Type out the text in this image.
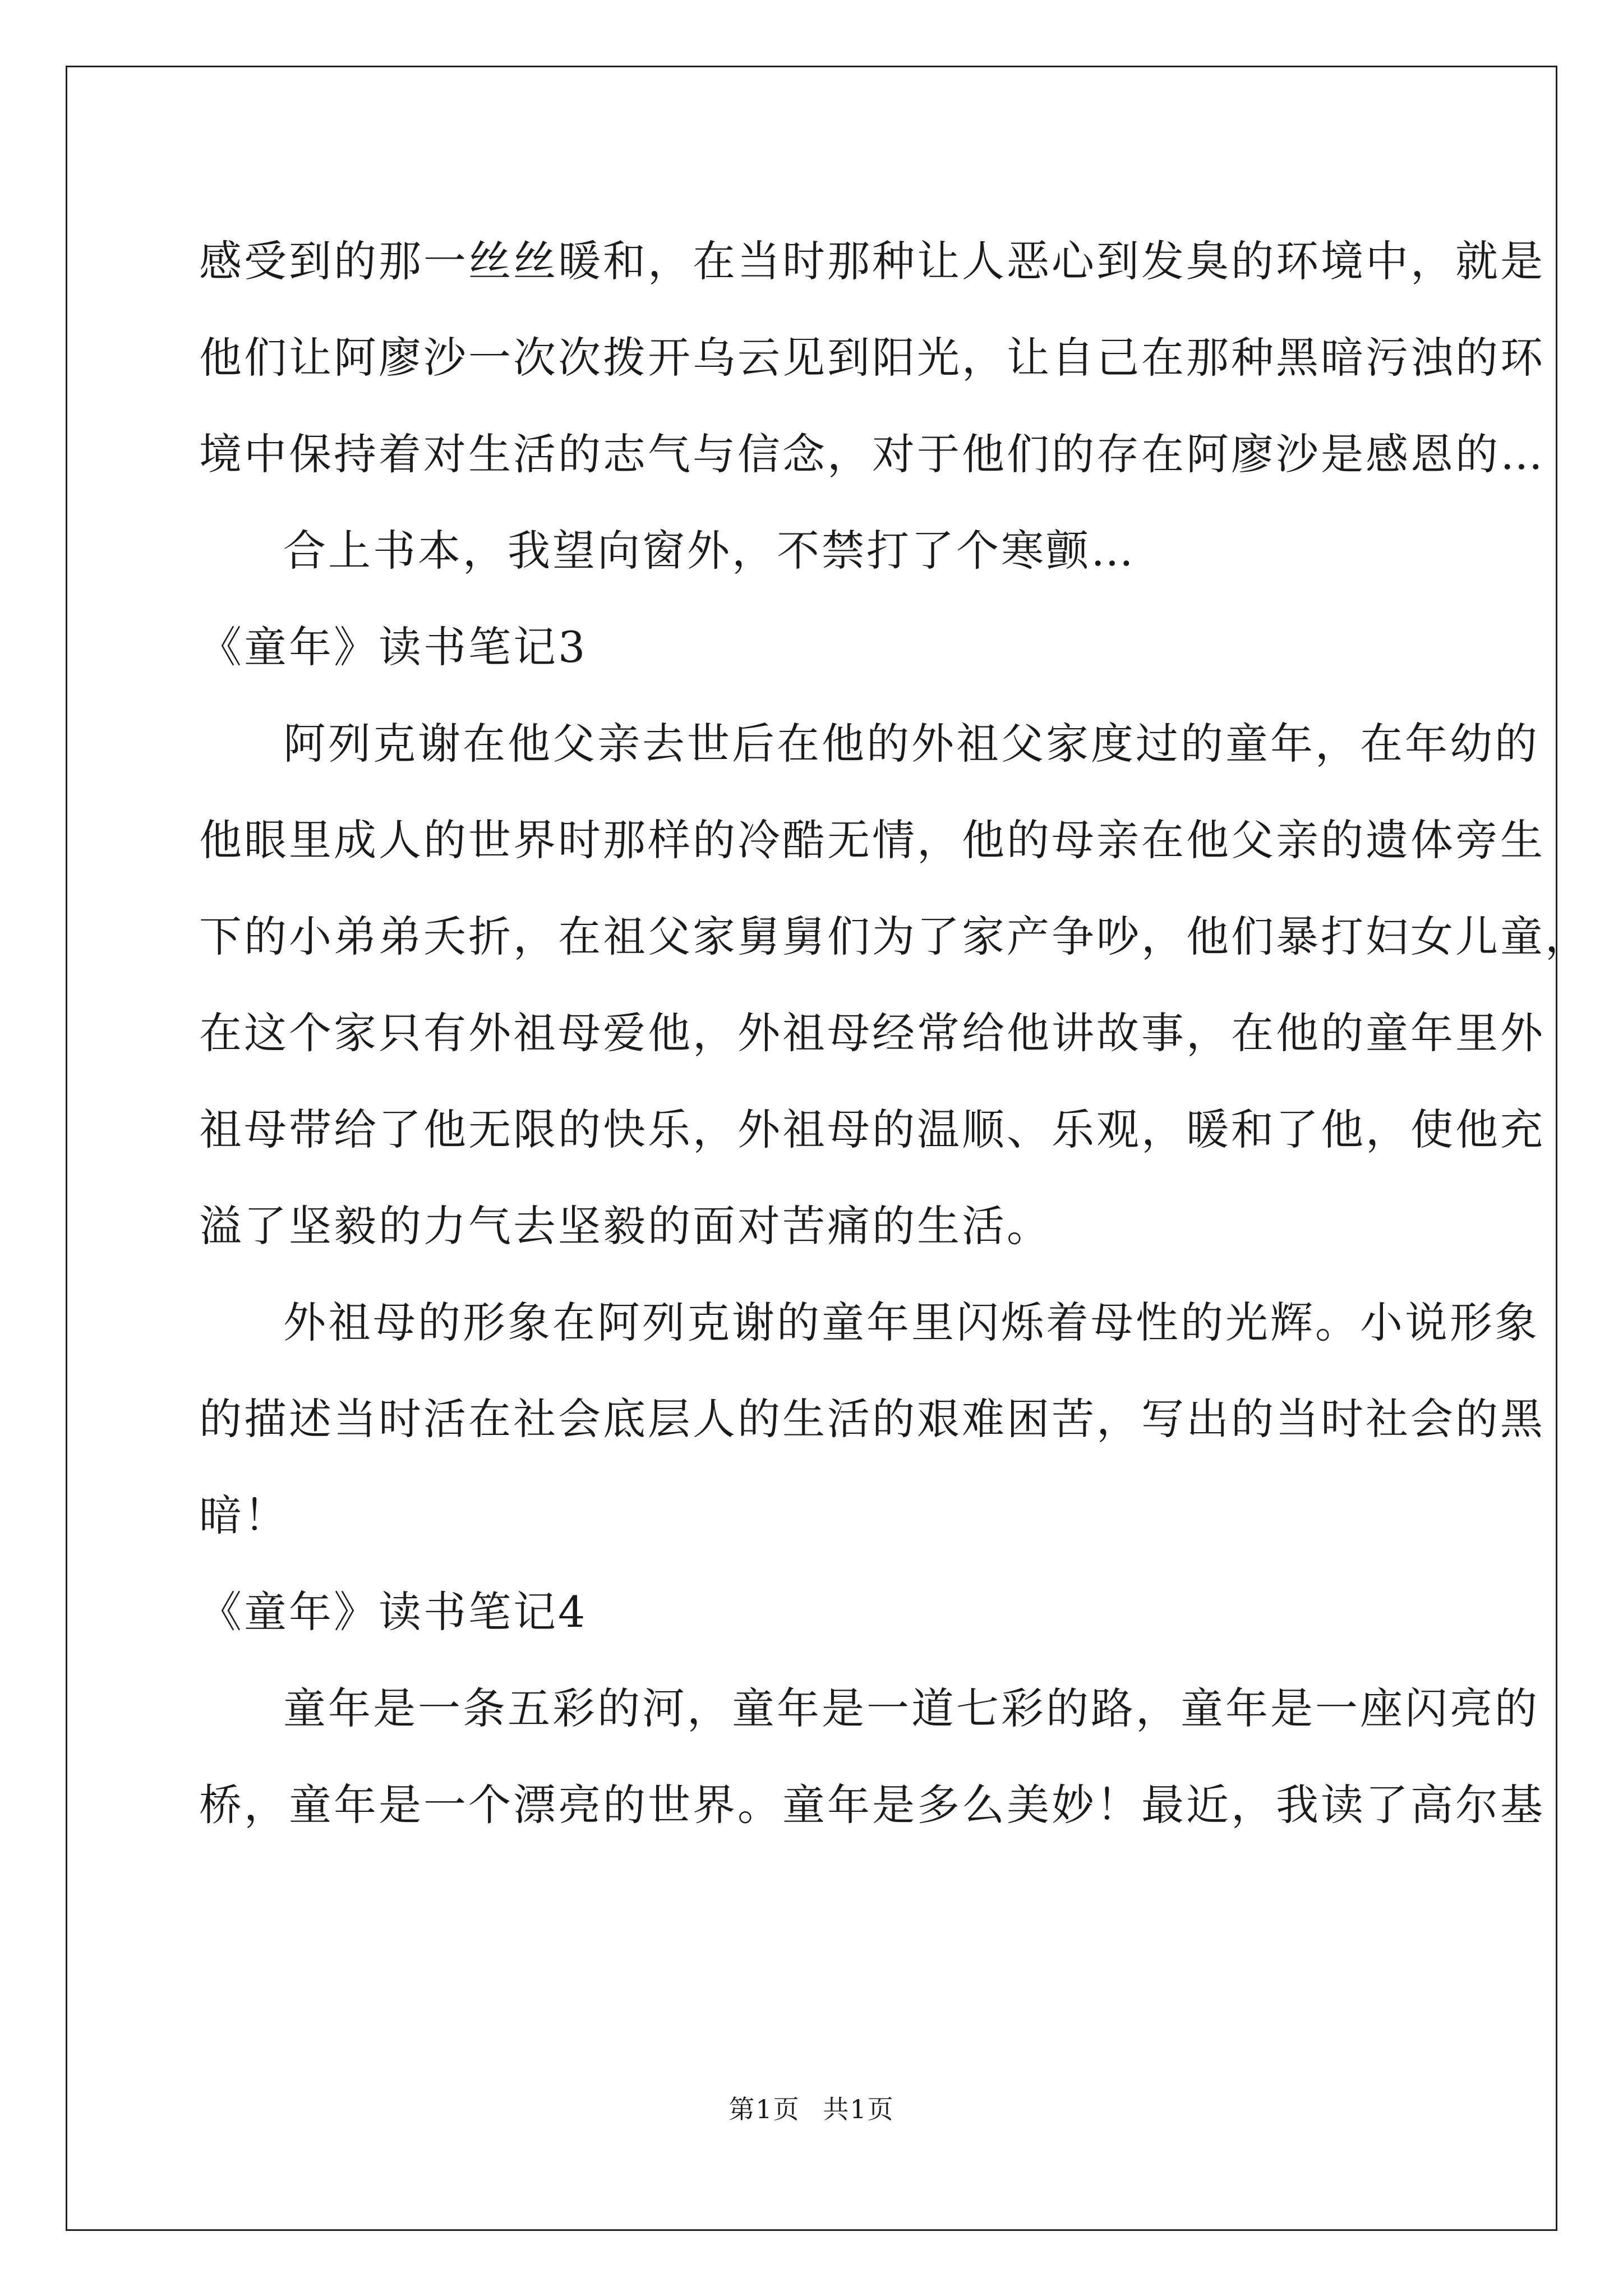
感受到的那一丝丝暖和，在当时那种让人恶心到发臭的环境中，就是
他们让阿廖沙一次次拨开乌云见到阳光，让自己在那种黑暗污浊的环
境中保持着对生活的志气与信念，对于他们的存在阿廖沙是感恩的…
合上书本，我望向窗外，不禁打了个寒颤…
《童年》读书笔记3
阿列克谢在他父亲去世后在他的外祖父家度过的童年，在年幼的
他眼里成人的世界时那样的冷酷无情，他的母亲在他父亲的遗体旁生
下的小弟弟夭折，在祖父家舅舅们为了家产争吵，他们暴打妇女儿童，
在这个家只有外祖母爱他，外祖母经常给他讲故事，在他的童年里外
祖母带给了他无限的快乐，外祖母的温顺、乐观，暖和了他，使他充
溢了坚毅的力气去坚毅的面对苦痛的生活。
外祖母的形象在阿列克谢的童年里闪烁着母性的光辉。小说形象
的描述当时活在社会底层人的生活的艰难困苦，写出的当时社会的黑
暗！
《童年》读书笔记4
童年是一条五彩的河，童年是一道七彩的路，童年是一座闪亮的
桥，童年是一个漂亮的世界。童年是多么美妙！最近，我读了高尔基
第1页 共1页
